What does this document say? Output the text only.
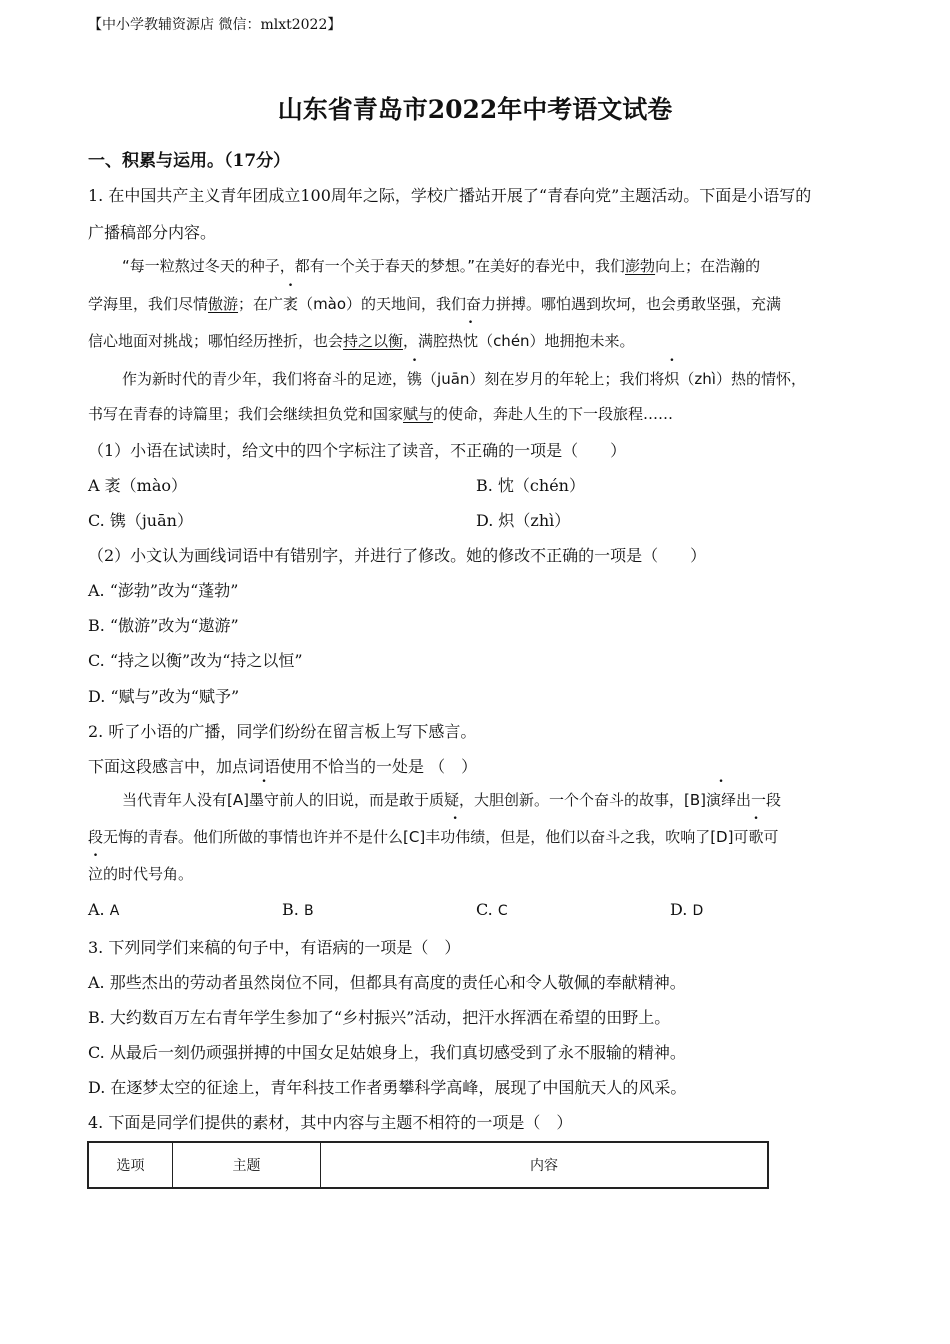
【中小学教辅资源店 微信：mlxt2022】
山东省青岛市2022年中考语文试卷
一、积累与运用。（17分）
1. 在中国共产主义青年团成立100周年之际，学校广播站开展了“青春向党”主题活动。下面是小语写的
广播稿部分内容。
“每一粒熬过冬天的种子，都有一个关于春天的梦想。”在美好的春光中，我们澎勃向上；在浩瀚的
学海里，我们尽情傲游；在广袤（mào）的天地间，我们奋力拼搏。哪怕遇到坎坷，也会勇敢坚强，充满
信心地面对挑战；哪怕经历挫折，也会持之以衡，满腔热忱（chén）地拥抱未来。
作为新时代的青少年，我们将奋斗的足迹，镌（juān）刻在岁月的年轮上；我们将炽（zhì）热的情怀，
书写在青春的诗篇里；我们会继续担负党和国家赋与的使命，奔赴人生的下一段旅程……
（1）小语在试读时，给文中的四个字标注了读音，不正确的一项是（　　）
A 袤（mào）	B. 忱（chén）
C. 镌（juān）	D. 炽（zhì）
（2）小文认为画线词语中有错别字，并进行了修改。她的修改不正确的一项是（　　）
A. “澎勃”改为“蓬勃”
B. “傲游”改为“遨游”
C. “持之以衡”改为“持之以恒”
D. “赋与”改为“赋予”
2. 听了小语的广播，同学们纷纷在留言板上写下感言。
下面这段感言中，加点词语使用不恰当的一处是 （　）
当代青年人没有[A]墨守前人的旧说，而是敢于质疑，大胆创新。一个个奋斗的故事，[B]演绎出一段
段无悔的青春。他们所做的事情也许并不是什么[C]丰功伟绩，但是，他们以奋斗之我，吹响了[D]可歌可
泣的时代号角。
A. A	B. B	C. C	D. D
3. 下列同学们来稿的句子中，有语病的一项是（　）
A. 那些杰出的劳动者虽然岗位不同，但都具有高度的责任心和令人敬佩的奉献精神。
B. 大约数百万左右青年学生参加了“乡村振兴”活动，把汗水挥洒在希望的田野上。
C. 从最后一刻仍顽强拼搏的中国女足姑娘身上，我们真切感受到了永不服输的精神。
D. 在逐梦太空的征途上，青年科技工作者勇攀科学高峰，展现了中国航天人的风采。
4. 下面是同学们提供的素材，其中内容与主题不相符的一项是（　）
选项	主题	内容
